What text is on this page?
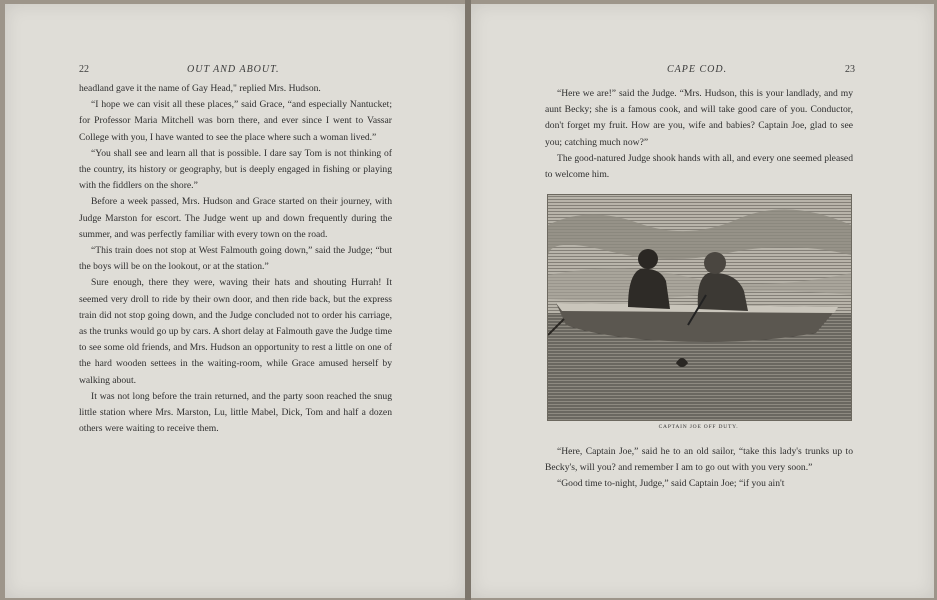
22	OUT AND ABOUT.

headland gave it the name of Gay Head," replied Mrs. Hudson.

“I hope we can visit all these places,” said Grace, “and especially Nantucket; for Professor Maria Mitchell was born there, and ever since I went to Vassar College with you, I have wanted to see the place where such a woman lived.”

“You shall see and learn all that is possible. I dare say Tom is not thinking of the country, its history or geography, but is deeply engaged in fishing or playing with the fiddlers on the shore.”

Before a week passed, Mrs. Hudson and Grace started on their journey, with Judge Marston for escort. The Judge went up and down frequently during the summer, and was perfectly familiar with every town on the road.

“This train does not stop at West Falmouth going down,” said the Judge; “but the boys will be on the lookout, or at the station.”

Sure enough, there they were, waving their hats and shouting Hurrah! It seemed very droll to ride by their own door, and then ride back, but the express train did not stop going down, and the Judge concluded not to order his carriage, as the trunks would go up by cars. A short delay at Falmouth gave the Judge time to see some old friends, and Mrs. Hudson an opportunity to rest a little on one of the hard wooden settees in the waiting-room, while Grace amused herself by walking about.

It was not long before the train returned, and the party soon reached the snug little station where Mrs. Marston, Lu, little Mabel, Dick, Tom and half a dozen others were waiting to receive them.

CAPE COD.	23

“Here we are!” said the Judge. “Mrs. Hudson, this is your landlady, and my aunt Becky; she is a famous cook, and will take good care of you. Conductor, don't forget my fruit. How are you, wife and babies? Captain Joe, glad to see you; catching much now?”

The good-natured Judge shook hands with all, and every one seemed pleased to welcome him.

CAPTAIN JOE OFF DUTY.

“Here, Captain Joe,” said he to an old sailor, “take this lady's trunks up to Becky's, will you? and remember I am to go out with you very soon.”

“Good time to-night, Judge,” said Captain Joe; “if you ain't
